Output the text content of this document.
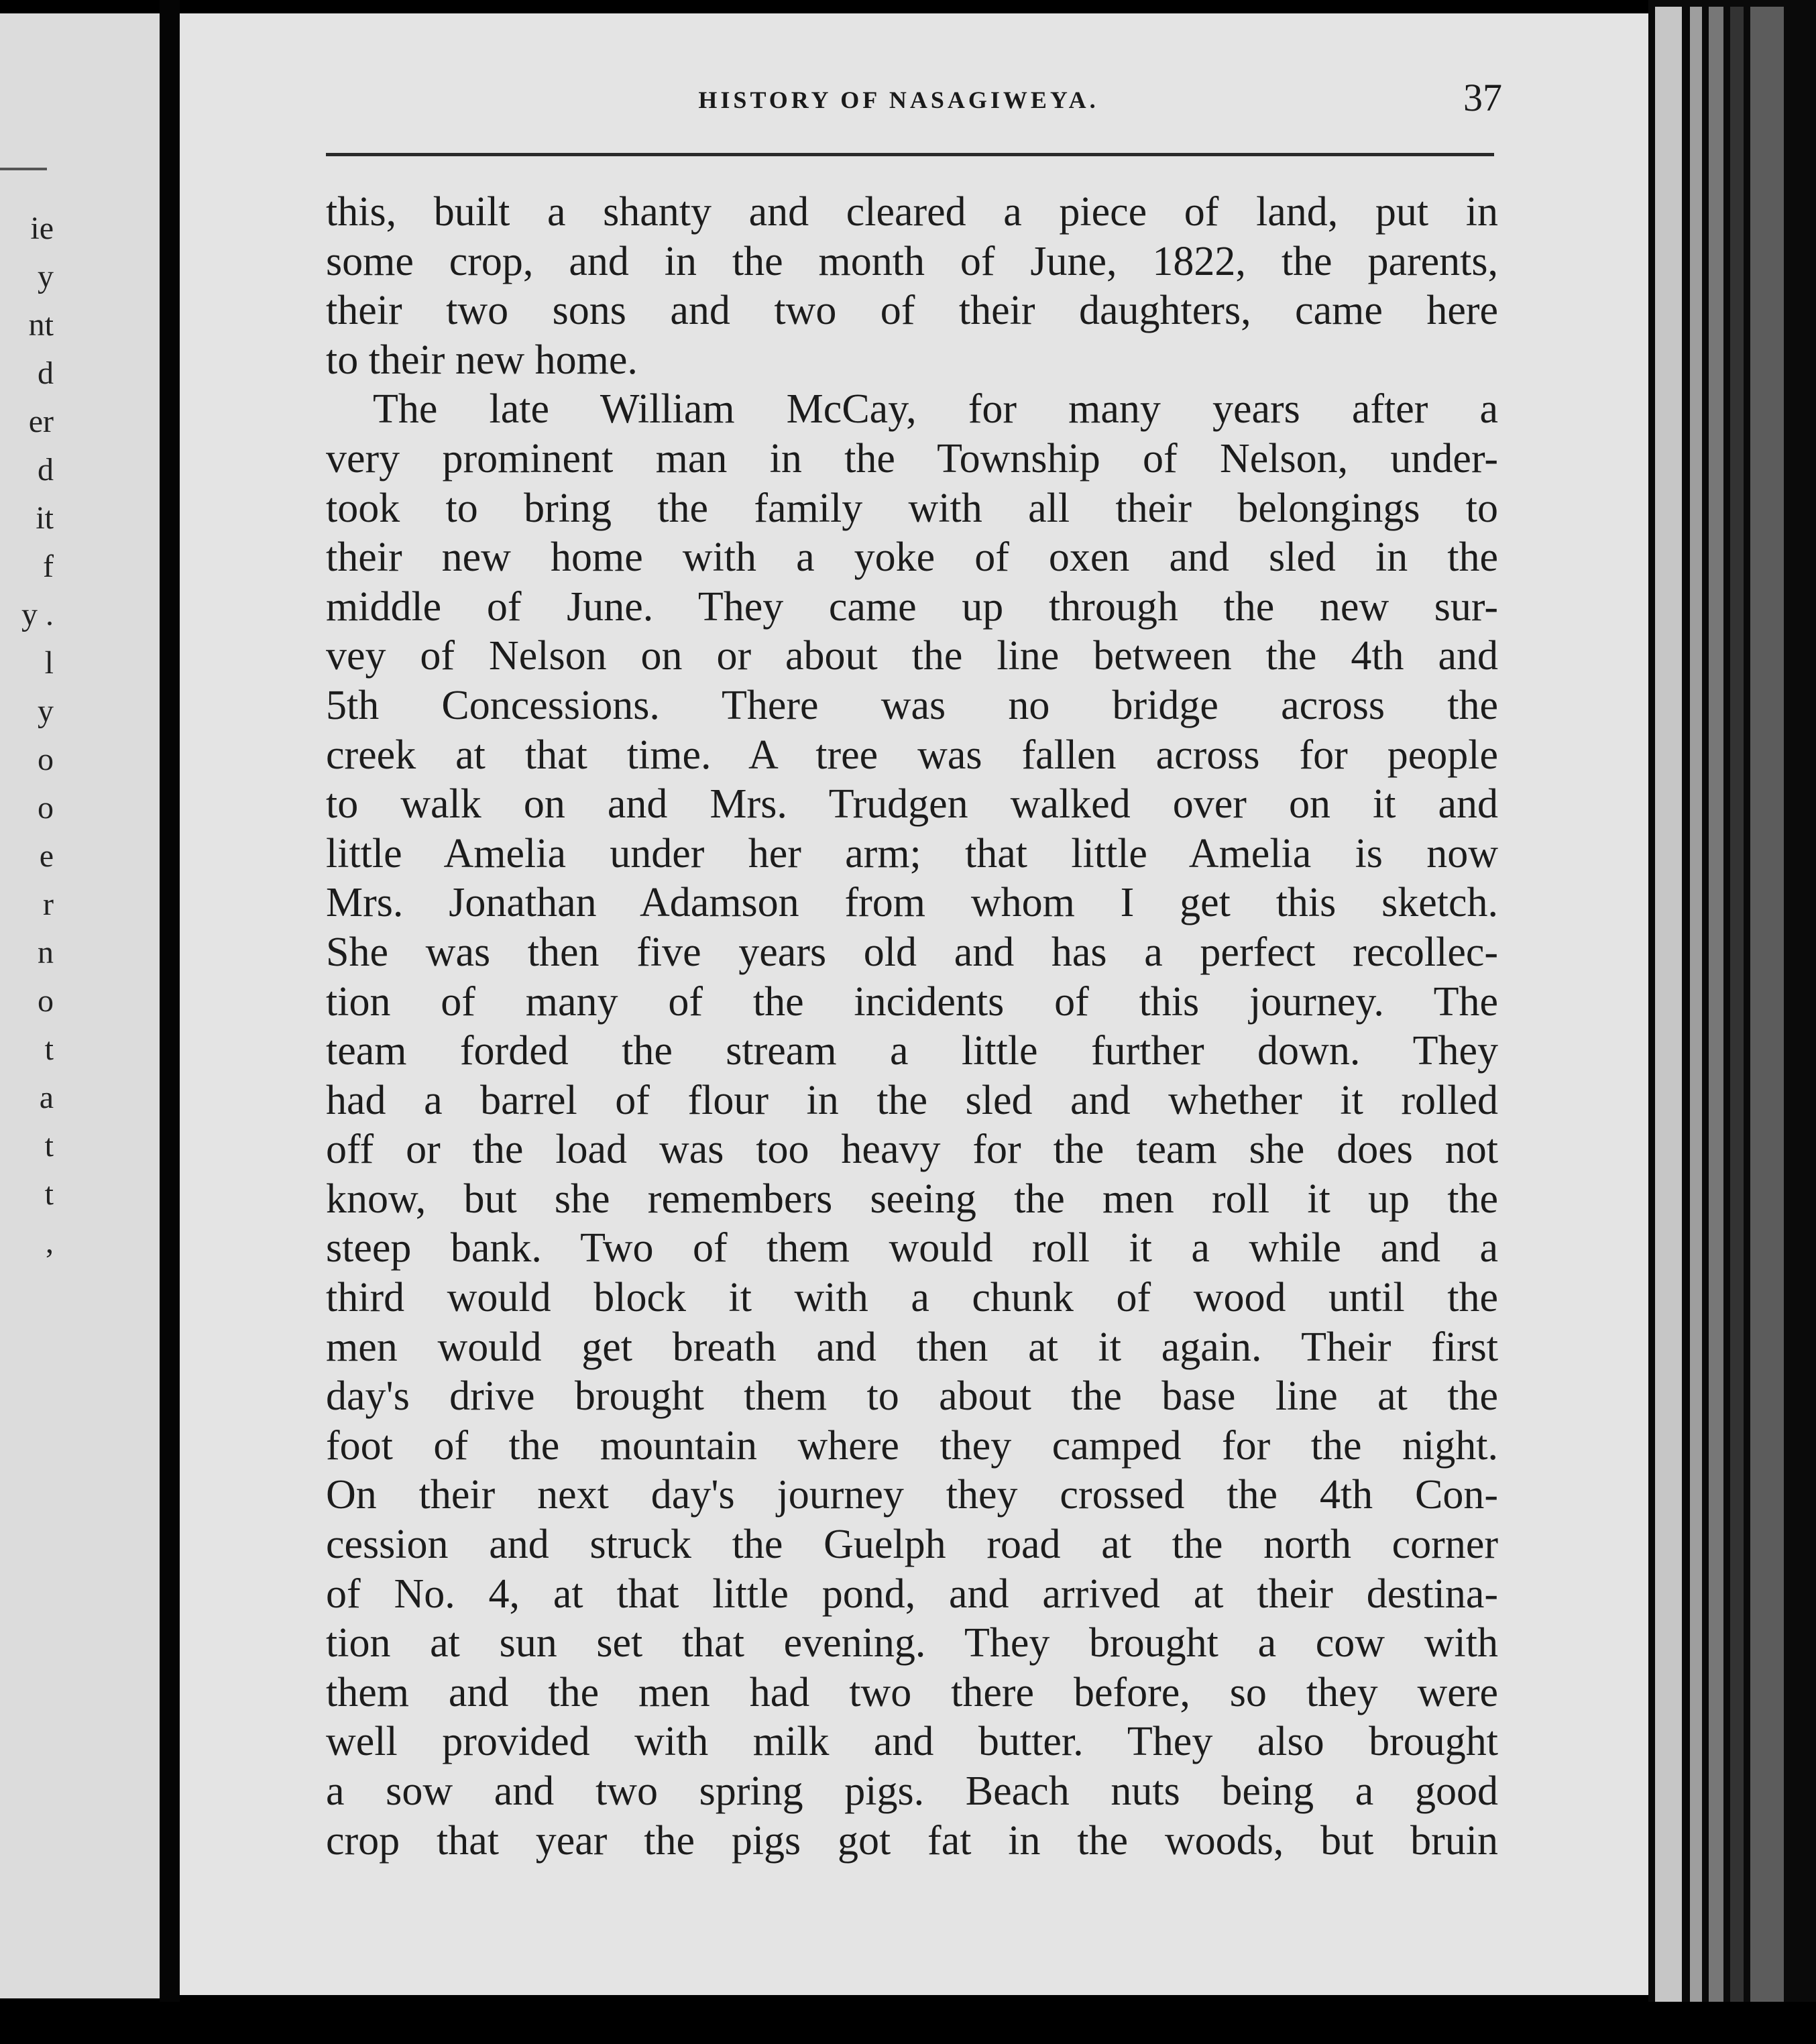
ie
y
nt
d
er
d
it
f
y .
l
y
o
o
e
r
n
o
t
a
t
t
,
HISTORY OF NASAGIWEYA.	37
this, built a shanty and cleared a piece of land, put in
some crop, and in the month of June, 1822, the parents,
their two sons and two of their daughters, came here
to their new home.
The late William McCay, for many years after a
very prominent man in the Township of Nelson, under-
took to bring the family with all their belongings to
their new home with a yoke of oxen and sled in the
middle of June. They came up through the new sur-
vey of Nelson on or about the line between the 4th and
5th Concessions. There was no bridge across the
creek at that time. A tree was fallen across for people
to walk on and Mrs. Trudgen walked over on it and
little Amelia under her arm; that little Amelia is now
Mrs. Jonathan Adamson from whom I get this sketch.
She was then five years old and has a perfect recollec-
tion of many of the incidents of this journey. The
team forded the stream a little further down. They
had a barrel of flour in the sled and whether it rolled
off or the load was too heavy for the team she does not
know, but she remembers seeing the men roll it up the
steep bank. Two of them would roll it a while and a
third would block it with a chunk of wood until the
men would get breath and then at it again. Their first
day's drive brought them to about the base line at the
foot of the mountain where they camped for the night.
On their next day's journey they crossed the 4th Con-
cession and struck the Guelph road at the north corner
of No. 4, at that little pond, and arrived at their destina-
tion at sun set that evening. They brought a cow with
them and the men had two there before, so they were
well provided with milk and butter. They also brought
a sow and two spring pigs. Beach nuts being a good
crop that year the pigs got fat in the woods, but bruin
